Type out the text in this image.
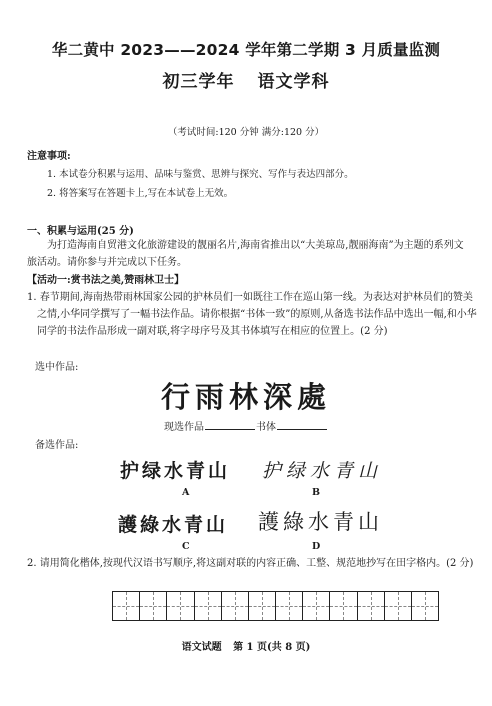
华二黄中 2023——2024 学年第二学期 3 月质量监测
初三学年 语文学科
（考试时间:120 分钟 满分:120 分）
注意事项:
1. 本试卷分积累与运用、品味与鉴赏、思辨与探究、写作与表达四部分。
2. 将答案写在答题卡上,写在本试卷上无效。
一、积累与运用(25 分)
为打造海南自贸港文化旅游建设的靓丽名片,海南省推出以“大美琼岛,靓丽海南”为主题的系列文旅活动。请你参与并完成以下任务。
【活动一:赏书法之美,赞雨林卫士】
1. 春节期间,海南热带雨林国家公园的护林员们一如既往工作在巡山第一线。为表达对护林员们的赞美之情,小华同学撰写了一幅书法作品。请你根据“书体一致”的原则,从备选书法作品中选出一幅,和小华同学的书法作品形成一副对联,将字母序号及其书体填写在相应的位置上。(2 分)
选中作品:
行雨林深處
现选作品	书体
备选作品:
护绿水青山 护绿水青山
A	B
護綠水青山 護綠水青山
C	D
2. 请用简化楷体,按现代汉语书写顺序,将这副对联的内容正确、工整、规范地抄写在田字格内。(2 分)
语文试题 第 1 页(共 8 页)
